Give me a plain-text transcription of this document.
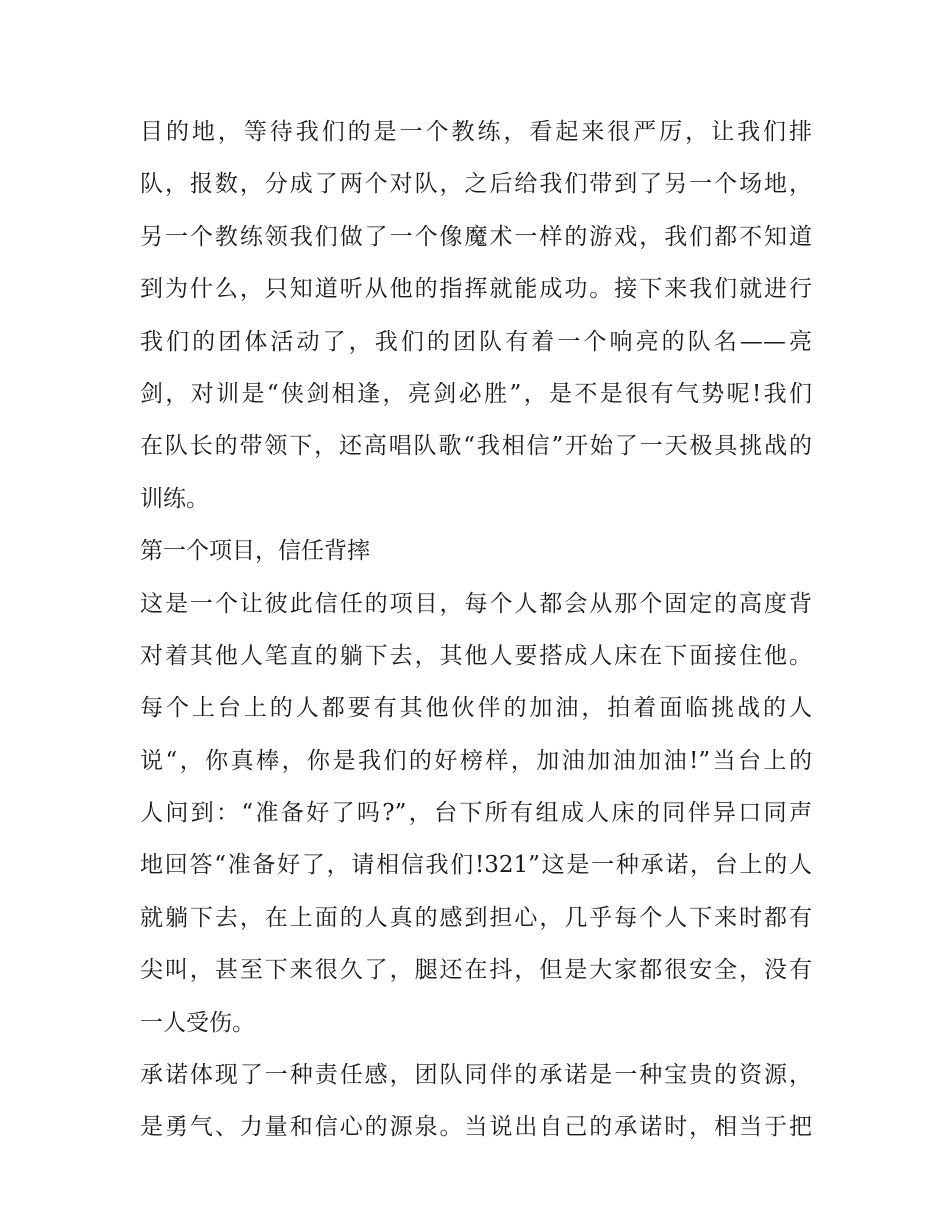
目的地，等待我们的是一个教练，看起来很严厉，让我们排
队，报数，分成了两个对队，之后给我们带到了另一个场地，
另一个教练领我们做了一个像魔术一样的游戏，我们都不知道
到为什么，只知道听从他的指挥就能成功。接下来我们就进行
我们的团体活动了，我们的团队有着一个响亮的队名——亮
剑，对训是“侠剑相逢，亮剑必胜”，是不是很有气势呢!我们
在队长的带领下，还高唱队歌“我相信”开始了一天极具挑战的
训练。
第一个项目，信任背摔
这是一个让彼此信任的项目，每个人都会从那个固定的高度背
对着其他人笔直的躺下去，其他人要搭成人床在下面接住他。
每个上台上的人都要有其他伙伴的加油，拍着面临挑战的人
说“，你真棒，你是我们的好榜样，加油加油加油!”当台上的
人问到：“准备好了吗?”，台下所有组成人床的同伴异口同声
地回答“准备好了，请相信我们!321”这是一种承诺，台上的人
就躺下去，在上面的人真的感到担心，几乎每个人下来时都有
尖叫，甚至下来很久了，腿还在抖，但是大家都很安全，没有
一人受伤。
承诺体现了一种责任感，团队同伴的承诺是一种宝贵的资源，
是勇气、力量和信心的源泉。当说出自己的承诺时，相当于把
